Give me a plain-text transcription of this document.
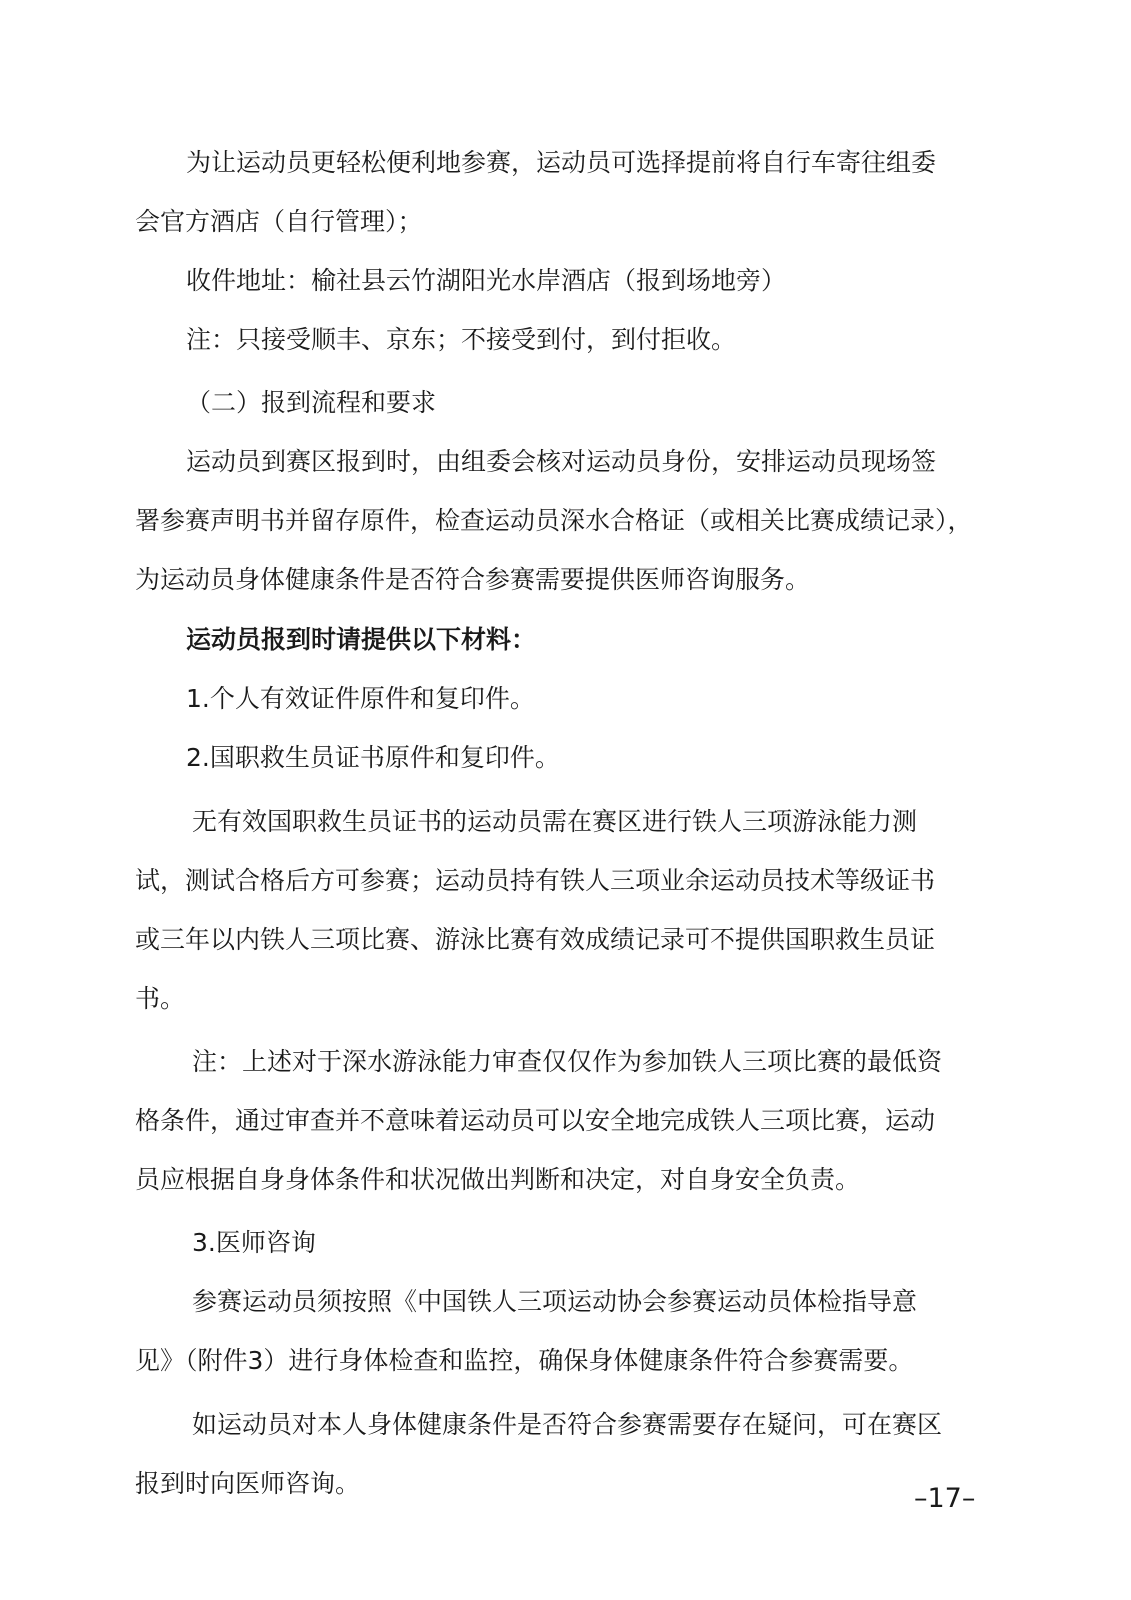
为让运动员更轻松便利地参赛，运动员可选择提前将自行车寄往组委
会官方酒店（自行管理）；
收件地址：榆社县云竹湖阳光水岸酒店（报到场地旁）
注：只接受顺丰、京东；不接受到付，到付拒收。
（二）报到流程和要求
运动员到赛区报到时，由组委会核对运动员身份，安排运动员现场签
署参赛声明书并留存原件，检查运动员深水合格证（或相关比赛成绩记录），
为运动员身体健康条件是否符合参赛需要提供医师咨询服务。
运动员报到时请提供以下材料：
1.个人有效证件原件和复印件。
2.国职救生员证书原件和复印件。
无有效国职救生员证书的运动员需在赛区进行铁人三项游泳能力测
试，测试合格后方可参赛；运动员持有铁人三项业余运动员技术等级证书
或三年以内铁人三项比赛、游泳比赛有效成绩记录可不提供国职救生员证
书。
注：上述对于深水游泳能力审查仅仅作为参加铁人三项比赛的最低资
格条件，通过审查并不意味着运动员可以安全地完成铁人三项比赛，运动
员应根据自身身体条件和状况做出判断和决定，对自身安全负责。
3.医师咨询
参赛运动员须按照《中国铁人三项运动协会参赛运动员体检指导意
见》（附件3）进行身体检查和监控，确保身体健康条件符合参赛需要。
如运动员对本人身体健康条件是否符合参赛需要存在疑问，可在赛区
报到时向医师咨询。	–17–
